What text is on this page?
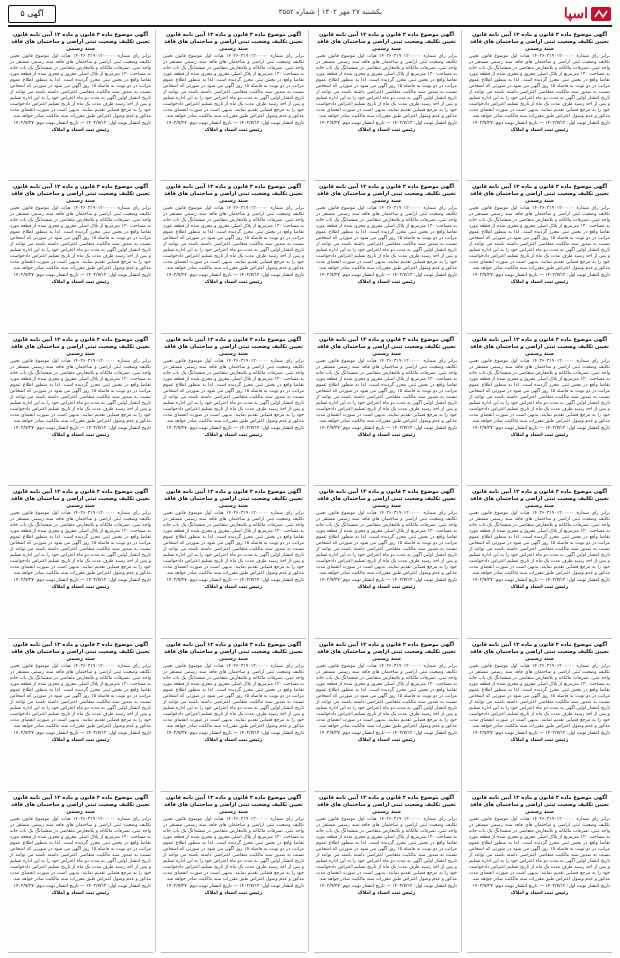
اسپا
یکشنبه ۲۷ مهر ۱۴۰۲ | شماره ۳۵۵۲
آگهی ۵
آگهی موضوع ماده ۳ قانون و ماده ۱۳ آیین نامه قانون تعیین تکلیف وضعیت ثبتی اراضی و ساختمان های فاقد سند رسمی
برابر رای شماره ۱۴۰۲۶۰۳۱۹۰۱۲۰۰۰۰۰ هیات اول موضوع قانون تعیین تکلیف وضعیت ثبتی اراضی و ساختمان های فاقد سند رسمی مستقر در واحد ثبتی، تصرفات مالکانه و بلامعارض متقاضی در ششدانگ یک باب خانه به مساحت ۱۲۰ مترمربع از پلاک اصلی مفروز و مجزی شده از قطعه مورد تقاضا واقع در بخش ثبتی محرز گردیده است. لذا به منظور اطلاع عموم مراتب در دو نوبت به فاصله ۱۵ روز آگهی می شود در صورتی که اشخاص نسبت به صدور سند مالکیت متقاضی اعتراضی داشته باشند می توانند از تاریخ انتشار اولین آگهی به مدت دو ماه اعتراض خود را به این اداره تسلیم و پس از اخذ رسید ظرف مدت یک ماه از تاریخ تسلیم اعتراض دادخواست خود را به مرجع قضایی تقدیم نمایند. بدیهی است در صورت انقضای مدت مذکور و عدم وصول اعتراض طبق مقررات سند مالکیت صادر خواهد شد.
تاریخ انتشار نوبت اول: ۱۴۰۲/۷/۱۲ — تاریخ انتشار نوبت دوم: ۱۴۰۲/۷/۲۷
رئیس ثبت اسناد و املاک
آگهی موضوع ماده ۳ قانون و ماده ۱۳ آیین نامه قانون تعیین تکلیف وضعیت ثبتی اراضی و ساختمان های فاقد سند رسمی
برابر رای شماره ۱۴۰۲۶۰۳۱۹۰۱۲۰۰۰۰۰ هیات اول موضوع قانون تعیین تکلیف وضعیت ثبتی اراضی و ساختمان های فاقد سند رسمی مستقر در واحد ثبتی، تصرفات مالکانه و بلامعارض متقاضی در ششدانگ یک باب خانه به مساحت ۱۲۰ مترمربع از پلاک اصلی مفروز و مجزی شده از قطعه مورد تقاضا واقع در بخش ثبتی محرز گردیده است. لذا به منظور اطلاع عموم مراتب در دو نوبت به فاصله ۱۵ روز آگهی می شود در صورتی که اشخاص نسبت به صدور سند مالکیت متقاضی اعتراضی داشته باشند می توانند از تاریخ انتشار اولین آگهی به مدت دو ماه اعتراض خود را به این اداره تسلیم و پس از اخذ رسید ظرف مدت یک ماه از تاریخ تسلیم اعتراض دادخواست خود را به مرجع قضایی تقدیم نمایند. بدیهی است در صورت انقضای مدت مذکور و عدم وصول اعتراض طبق مقررات سند مالکیت صادر خواهد شد.
تاریخ انتشار نوبت اول: ۱۴۰۲/۷/۱۲ — تاریخ انتشار نوبت دوم: ۱۴۰۲/۷/۲۷
رئیس ثبت اسناد و املاک
آگهی موضوع ماده ۳ قانون و ماده ۱۳ آیین نامه قانون تعیین تکلیف وضعیت ثبتی اراضی و ساختمان های فاقد سند رسمی
برابر رای شماره ۱۴۰۲۶۰۳۱۹۰۱۲۰۰۰۰۰ هیات اول موضوع قانون تعیین تکلیف وضعیت ثبتی اراضی و ساختمان های فاقد سند رسمی مستقر در واحد ثبتی، تصرفات مالکانه و بلامعارض متقاضی در ششدانگ یک باب خانه به مساحت ۱۲۰ مترمربع از پلاک اصلی مفروز و مجزی شده از قطعه مورد تقاضا واقع در بخش ثبتی محرز گردیده است. لذا به منظور اطلاع عموم مراتب در دو نوبت به فاصله ۱۵ روز آگهی می شود در صورتی که اشخاص نسبت به صدور سند مالکیت متقاضی اعتراضی داشته باشند می توانند از تاریخ انتشار اولین آگهی به مدت دو ماه اعتراض خود را به این اداره تسلیم و پس از اخذ رسید ظرف مدت یک ماه از تاریخ تسلیم اعتراض دادخواست خود را به مرجع قضایی تقدیم نمایند. بدیهی است در صورت انقضای مدت مذکور و عدم وصول اعتراض طبق مقررات سند مالکیت صادر خواهد شد.
تاریخ انتشار نوبت اول: ۱۴۰۲/۷/۱۲ — تاریخ انتشار نوبت دوم: ۱۴۰۲/۷/۲۷
رئیس ثبت اسناد و املاک
آگهی موضوع ماده ۳ قانون و ماده ۱۳ آیین نامه قانون تعیین تکلیف وضعیت ثبتی اراضی و ساختمان های فاقد سند رسمی
برابر رای شماره ۱۴۰۲۶۰۳۱۹۰۱۲۰۰۰۰۰ هیات اول موضوع قانون تعیین تکلیف وضعیت ثبتی اراضی و ساختمان های فاقد سند رسمی مستقر در واحد ثبتی، تصرفات مالکانه و بلامعارض متقاضی در ششدانگ یک باب خانه به مساحت ۱۲۰ مترمربع از پلاک اصلی مفروز و مجزی شده از قطعه مورد تقاضا واقع در بخش ثبتی محرز گردیده است. لذا به منظور اطلاع عموم مراتب در دو نوبت به فاصله ۱۵ روز آگهی می شود در صورتی که اشخاص نسبت به صدور سند مالکیت متقاضی اعتراضی داشته باشند می توانند از تاریخ انتشار اولین آگهی به مدت دو ماه اعتراض خود را به این اداره تسلیم و پس از اخذ رسید ظرف مدت یک ماه از تاریخ تسلیم اعتراض دادخواست خود را به مرجع قضایی تقدیم نمایند. بدیهی است در صورت انقضای مدت مذکور و عدم وصول اعتراض طبق مقررات سند مالکیت صادر خواهد شد.
تاریخ انتشار نوبت اول: ۱۴۰۲/۷/۱۲ — تاریخ انتشار نوبت دوم: ۱۴۰۲/۷/۲۷
رئیس ثبت اسناد و املاک
آگهی موضوع ماده ۳ قانون و ماده ۱۳ آیین نامه قانون تعیین تکلیف وضعیت ثبتی اراضی و ساختمان های فاقد سند رسمی
برابر رای شماره ۱۴۰۲۶۰۳۱۹۰۱۲۰۰۰۰۰ هیات اول موضوع قانون تعیین تکلیف وضعیت ثبتی اراضی و ساختمان های فاقد سند رسمی مستقر در واحد ثبتی، تصرفات مالکانه و بلامعارض متقاضی در ششدانگ یک باب خانه به مساحت ۱۲۰ مترمربع از پلاک اصلی مفروز و مجزی شده از قطعه مورد تقاضا واقع در بخش ثبتی محرز گردیده است. لذا به منظور اطلاع عموم مراتب در دو نوبت به فاصله ۱۵ روز آگهی می شود در صورتی که اشخاص نسبت به صدور سند مالکیت متقاضی اعتراضی داشته باشند می توانند از تاریخ انتشار اولین آگهی به مدت دو ماه اعتراض خود را به این اداره تسلیم و پس از اخذ رسید ظرف مدت یک ماه از تاریخ تسلیم اعتراض دادخواست خود را به مرجع قضایی تقدیم نمایند. بدیهی است در صورت انقضای مدت مذکور و عدم وصول اعتراض طبق مقررات سند مالکیت صادر خواهد شد.
تاریخ انتشار نوبت اول: ۱۴۰۲/۷/۱۲ — تاریخ انتشار نوبت دوم: ۱۴۰۲/۷/۲۷
رئیس ثبت اسناد و املاک
آگهی موضوع ماده ۳ قانون و ماده ۱۳ آیین نامه قانون تعیین تکلیف وضعیت ثبتی اراضی و ساختمان های فاقد سند رسمی
برابر رای شماره ۱۴۰۲۶۰۳۱۹۰۱۲۰۰۰۰۰ هیات اول موضوع قانون تعیین تکلیف وضعیت ثبتی اراضی و ساختمان های فاقد سند رسمی مستقر در واحد ثبتی، تصرفات مالکانه و بلامعارض متقاضی در ششدانگ یک باب خانه به مساحت ۱۲۰ مترمربع از پلاک اصلی مفروز و مجزی شده از قطعه مورد تقاضا واقع در بخش ثبتی محرز گردیده است. لذا به منظور اطلاع عموم مراتب در دو نوبت به فاصله ۱۵ روز آگهی می شود در صورتی که اشخاص نسبت به صدور سند مالکیت متقاضی اعتراضی داشته باشند می توانند از تاریخ انتشار اولین آگهی به مدت دو ماه اعتراض خود را به این اداره تسلیم و پس از اخذ رسید ظرف مدت یک ماه از تاریخ تسلیم اعتراض دادخواست خود را به مرجع قضایی تقدیم نمایند. بدیهی است در صورت انقضای مدت مذکور و عدم وصول اعتراض طبق مقررات سند مالکیت صادر خواهد شد.
تاریخ انتشار نوبت اول: ۱۴۰۲/۷/۱۲ — تاریخ انتشار نوبت دوم: ۱۴۰۲/۷/۲۷
رئیس ثبت اسناد و املاک
آگهی موضوع ماده ۳ قانون و ماده ۱۳ آیین نامه قانون تعیین تکلیف وضعیت ثبتی اراضی و ساختمان های فاقد سند رسمی
برابر رای شماره ۱۴۰۲۶۰۳۱۹۰۱۲۰۰۰۰۰ هیات اول موضوع قانون تعیین تکلیف وضعیت ثبتی اراضی و ساختمان های فاقد سند رسمی مستقر در واحد ثبتی، تصرفات مالکانه و بلامعارض متقاضی در ششدانگ یک باب خانه به مساحت ۱۲۰ مترمربع از پلاک اصلی مفروز و مجزی شده از قطعه مورد تقاضا واقع در بخش ثبتی محرز گردیده است. لذا به منظور اطلاع عموم مراتب در دو نوبت به فاصله ۱۵ روز آگهی می شود در صورتی که اشخاص نسبت به صدور سند مالکیت متقاضی اعتراضی داشته باشند می توانند از تاریخ انتشار اولین آگهی به مدت دو ماه اعتراض خود را به این اداره تسلیم و پس از اخذ رسید ظرف مدت یک ماه از تاریخ تسلیم اعتراض دادخواست خود را به مرجع قضایی تقدیم نمایند. بدیهی است در صورت انقضای مدت مذکور و عدم وصول اعتراض طبق مقررات سند مالکیت صادر خواهد شد.
تاریخ انتشار نوبت اول: ۱۴۰۲/۷/۱۲ — تاریخ انتشار نوبت دوم: ۱۴۰۲/۷/۲۷
رئیس ثبت اسناد و املاک
آگهی موضوع ماده ۳ قانون و ماده ۱۳ آیین نامه قانون تعیین تکلیف وضعیت ثبتی اراضی و ساختمان های فاقد سند رسمی
برابر رای شماره ۱۴۰۲۶۰۳۱۹۰۱۲۰۰۰۰۰ هیات اول موضوع قانون تعیین تکلیف وضعیت ثبتی اراضی و ساختمان های فاقد سند رسمی مستقر در واحد ثبتی، تصرفات مالکانه و بلامعارض متقاضی در ششدانگ یک باب خانه به مساحت ۱۲۰ مترمربع از پلاک اصلی مفروز و مجزی شده از قطعه مورد تقاضا واقع در بخش ثبتی محرز گردیده است. لذا به منظور اطلاع عموم مراتب در دو نوبت به فاصله ۱۵ روز آگهی می شود در صورتی که اشخاص نسبت به صدور سند مالکیت متقاضی اعتراضی داشته باشند می توانند از تاریخ انتشار اولین آگهی به مدت دو ماه اعتراض خود را به این اداره تسلیم و پس از اخذ رسید ظرف مدت یک ماه از تاریخ تسلیم اعتراض دادخواست خود را به مرجع قضایی تقدیم نمایند. بدیهی است در صورت انقضای مدت مذکور و عدم وصول اعتراض طبق مقررات سند مالکیت صادر خواهد شد.
تاریخ انتشار نوبت اول: ۱۴۰۲/۷/۱۲ — تاریخ انتشار نوبت دوم: ۱۴۰۲/۷/۲۷
رئیس ثبت اسناد و املاک
آگهی موضوع ماده ۳ قانون و ماده ۱۳ آیین نامه قانون تعیین تکلیف وضعیت ثبتی اراضی و ساختمان های فاقد سند رسمی
برابر رای شماره ۱۴۰۲۶۰۳۱۹۰۱۲۰۰۰۰۰ هیات اول موضوع قانون تعیین تکلیف وضعیت ثبتی اراضی و ساختمان های فاقد سند رسمی مستقر در واحد ثبتی، تصرفات مالکانه و بلامعارض متقاضی در ششدانگ یک باب خانه به مساحت ۱۲۰ مترمربع از پلاک اصلی مفروز و مجزی شده از قطعه مورد تقاضا واقع در بخش ثبتی محرز گردیده است. لذا به منظور اطلاع عموم مراتب در دو نوبت به فاصله ۱۵ روز آگهی می شود در صورتی که اشخاص نسبت به صدور سند مالکیت متقاضی اعتراضی داشته باشند می توانند از تاریخ انتشار اولین آگهی به مدت دو ماه اعتراض خود را به این اداره تسلیم و پس از اخذ رسید ظرف مدت یک ماه از تاریخ تسلیم اعتراض دادخواست خود را به مرجع قضایی تقدیم نمایند. بدیهی است در صورت انقضای مدت مذکور و عدم وصول اعتراض طبق مقررات سند مالکیت صادر خواهد شد.
تاریخ انتشار نوبت اول: ۱۴۰۲/۷/۱۲ — تاریخ انتشار نوبت دوم: ۱۴۰۲/۷/۲۷
رئیس ثبت اسناد و املاک
آگهی موضوع ماده ۳ قانون و ماده ۱۳ آیین نامه قانون تعیین تکلیف وضعیت ثبتی اراضی و ساختمان های فاقد سند رسمی
برابر رای شماره ۱۴۰۲۶۰۳۱۹۰۱۲۰۰۰۰۰ هیات اول موضوع قانون تعیین تکلیف وضعیت ثبتی اراضی و ساختمان های فاقد سند رسمی مستقر در واحد ثبتی، تصرفات مالکانه و بلامعارض متقاضی در ششدانگ یک باب خانه به مساحت ۱۲۰ مترمربع از پلاک اصلی مفروز و مجزی شده از قطعه مورد تقاضا واقع در بخش ثبتی محرز گردیده است. لذا به منظور اطلاع عموم مراتب در دو نوبت به فاصله ۱۵ روز آگهی می شود در صورتی که اشخاص نسبت به صدور سند مالکیت متقاضی اعتراضی داشته باشند می توانند از تاریخ انتشار اولین آگهی به مدت دو ماه اعتراض خود را به این اداره تسلیم و پس از اخذ رسید ظرف مدت یک ماه از تاریخ تسلیم اعتراض دادخواست خود را به مرجع قضایی تقدیم نمایند. بدیهی است در صورت انقضای مدت مذکور و عدم وصول اعتراض طبق مقررات سند مالکیت صادر خواهد شد.
تاریخ انتشار نوبت اول: ۱۴۰۲/۷/۱۲ — تاریخ انتشار نوبت دوم: ۱۴۰۲/۷/۲۷
رئیس ثبت اسناد و املاک
آگهی موضوع ماده ۳ قانون و ماده ۱۳ آیین نامه قانون تعیین تکلیف وضعیت ثبتی اراضی و ساختمان های فاقد سند رسمی
برابر رای شماره ۱۴۰۲۶۰۳۱۹۰۱۲۰۰۰۰۰ هیات اول موضوع قانون تعیین تکلیف وضعیت ثبتی اراضی و ساختمان های فاقد سند رسمی مستقر در واحد ثبتی، تصرفات مالکانه و بلامعارض متقاضی در ششدانگ یک باب خانه به مساحت ۱۲۰ مترمربع از پلاک اصلی مفروز و مجزی شده از قطعه مورد تقاضا واقع در بخش ثبتی محرز گردیده است. لذا به منظور اطلاع عموم مراتب در دو نوبت به فاصله ۱۵ روز آگهی می شود در صورتی که اشخاص نسبت به صدور سند مالکیت متقاضی اعتراضی داشته باشند می توانند از تاریخ انتشار اولین آگهی به مدت دو ماه اعتراض خود را به این اداره تسلیم و پس از اخذ رسید ظرف مدت یک ماه از تاریخ تسلیم اعتراض دادخواست خود را به مرجع قضایی تقدیم نمایند. بدیهی است در صورت انقضای مدت مذکور و عدم وصول اعتراض طبق مقررات سند مالکیت صادر خواهد شد.
تاریخ انتشار نوبت اول: ۱۴۰۲/۷/۱۲ — تاریخ انتشار نوبت دوم: ۱۴۰۲/۷/۲۷
رئیس ثبت اسناد و املاک
آگهی موضوع ماده ۳ قانون و ماده ۱۳ آیین نامه قانون تعیین تکلیف وضعیت ثبتی اراضی و ساختمان های فاقد سند رسمی
برابر رای شماره ۱۴۰۲۶۰۳۱۹۰۱۲۰۰۰۰۰ هیات اول موضوع قانون تعیین تکلیف وضعیت ثبتی اراضی و ساختمان های فاقد سند رسمی مستقر در واحد ثبتی، تصرفات مالکانه و بلامعارض متقاضی در ششدانگ یک باب خانه به مساحت ۱۲۰ مترمربع از پلاک اصلی مفروز و مجزی شده از قطعه مورد تقاضا واقع در بخش ثبتی محرز گردیده است. لذا به منظور اطلاع عموم مراتب در دو نوبت به فاصله ۱۵ روز آگهی می شود در صورتی که اشخاص نسبت به صدور سند مالکیت متقاضی اعتراضی داشته باشند می توانند از تاریخ انتشار اولین آگهی به مدت دو ماه اعتراض خود را به این اداره تسلیم و پس از اخذ رسید ظرف مدت یک ماه از تاریخ تسلیم اعتراض دادخواست خود را به مرجع قضایی تقدیم نمایند. بدیهی است در صورت انقضای مدت مذکور و عدم وصول اعتراض طبق مقررات سند مالکیت صادر خواهد شد.
تاریخ انتشار نوبت اول: ۱۴۰۲/۷/۱۲ — تاریخ انتشار نوبت دوم: ۱۴۰۲/۷/۲۷
رئیس ثبت اسناد و املاک
آگهی موضوع ماده ۳ قانون و ماده ۱۳ آیین نامه قانون تعیین تکلیف وضعیت ثبتی اراضی و ساختمان های فاقد سند رسمی
برابر رای شماره ۱۴۰۲۶۰۳۱۹۰۱۲۰۰۰۰۰ هیات اول موضوع قانون تعیین تکلیف وضعیت ثبتی اراضی و ساختمان های فاقد سند رسمی مستقر در واحد ثبتی، تصرفات مالکانه و بلامعارض متقاضی در ششدانگ یک باب خانه به مساحت ۱۲۰ مترمربع از پلاک اصلی مفروز و مجزی شده از قطعه مورد تقاضا واقع در بخش ثبتی محرز گردیده است. لذا به منظور اطلاع عموم مراتب در دو نوبت به فاصله ۱۵ روز آگهی می شود در صورتی که اشخاص نسبت به صدور سند مالکیت متقاضی اعتراضی داشته باشند می توانند از تاریخ انتشار اولین آگهی به مدت دو ماه اعتراض خود را به این اداره تسلیم و پس از اخذ رسید ظرف مدت یک ماه از تاریخ تسلیم اعتراض دادخواست خود را به مرجع قضایی تقدیم نمایند. بدیهی است در صورت انقضای مدت مذکور و عدم وصول اعتراض طبق مقررات سند مالکیت صادر خواهد شد.
تاریخ انتشار نوبت اول: ۱۴۰۲/۷/۱۲ — تاریخ انتشار نوبت دوم: ۱۴۰۲/۷/۲۷
رئیس ثبت اسناد و املاک
آگهی موضوع ماده ۳ قانون و ماده ۱۳ آیین نامه قانون تعیین تکلیف وضعیت ثبتی اراضی و ساختمان های فاقد سند رسمی
برابر رای شماره ۱۴۰۲۶۰۳۱۹۰۱۲۰۰۰۰۰ هیات اول موضوع قانون تعیین تکلیف وضعیت ثبتی اراضی و ساختمان های فاقد سند رسمی مستقر در واحد ثبتی، تصرفات مالکانه و بلامعارض متقاضی در ششدانگ یک باب خانه به مساحت ۱۲۰ مترمربع از پلاک اصلی مفروز و مجزی شده از قطعه مورد تقاضا واقع در بخش ثبتی محرز گردیده است. لذا به منظور اطلاع عموم مراتب در دو نوبت به فاصله ۱۵ روز آگهی می شود در صورتی که اشخاص نسبت به صدور سند مالکیت متقاضی اعتراضی داشته باشند می توانند از تاریخ انتشار اولین آگهی به مدت دو ماه اعتراض خود را به این اداره تسلیم و پس از اخذ رسید ظرف مدت یک ماه از تاریخ تسلیم اعتراض دادخواست خود را به مرجع قضایی تقدیم نمایند. بدیهی است در صورت انقضای مدت مذکور و عدم وصول اعتراض طبق مقررات سند مالکیت صادر خواهد شد.
تاریخ انتشار نوبت اول: ۱۴۰۲/۷/۱۲ — تاریخ انتشار نوبت دوم: ۱۴۰۲/۷/۲۷
رئیس ثبت اسناد و املاک
آگهی موضوع ماده ۳ قانون و ماده ۱۳ آیین نامه قانون تعیین تکلیف وضعیت ثبتی اراضی و ساختمان های فاقد سند رسمی
برابر رای شماره ۱۴۰۲۶۰۳۱۹۰۱۲۰۰۰۰۰ هیات اول موضوع قانون تعیین تکلیف وضعیت ثبتی اراضی و ساختمان های فاقد سند رسمی مستقر در واحد ثبتی، تصرفات مالکانه و بلامعارض متقاضی در ششدانگ یک باب خانه به مساحت ۱۲۰ مترمربع از پلاک اصلی مفروز و مجزی شده از قطعه مورد تقاضا واقع در بخش ثبتی محرز گردیده است. لذا به منظور اطلاع عموم مراتب در دو نوبت به فاصله ۱۵ روز آگهی می شود در صورتی که اشخاص نسبت به صدور سند مالکیت متقاضی اعتراضی داشته باشند می توانند از تاریخ انتشار اولین آگهی به مدت دو ماه اعتراض خود را به این اداره تسلیم و پس از اخذ رسید ظرف مدت یک ماه از تاریخ تسلیم اعتراض دادخواست خود را به مرجع قضایی تقدیم نمایند. بدیهی است در صورت انقضای مدت مذکور و عدم وصول اعتراض طبق مقررات سند مالکیت صادر خواهد شد.
تاریخ انتشار نوبت اول: ۱۴۰۲/۷/۱۲ — تاریخ انتشار نوبت دوم: ۱۴۰۲/۷/۲۷
رئیس ثبت اسناد و املاک
آگهی موضوع ماده ۳ قانون و ماده ۱۳ آیین نامه قانون تعیین تکلیف وضعیت ثبتی اراضی و ساختمان های فاقد سند رسمی
برابر رای شماره ۱۴۰۲۶۰۳۱۹۰۱۲۰۰۰۰۰ هیات اول موضوع قانون تعیین تکلیف وضعیت ثبتی اراضی و ساختمان های فاقد سند رسمی مستقر در واحد ثبتی، تصرفات مالکانه و بلامعارض متقاضی در ششدانگ یک باب خانه به مساحت ۱۲۰ مترمربع از پلاک اصلی مفروز و مجزی شده از قطعه مورد تقاضا واقع در بخش ثبتی محرز گردیده است. لذا به منظور اطلاع عموم مراتب در دو نوبت به فاصله ۱۵ روز آگهی می شود در صورتی که اشخاص نسبت به صدور سند مالکیت متقاضی اعتراضی داشته باشند می توانند از تاریخ انتشار اولین آگهی به مدت دو ماه اعتراض خود را به این اداره تسلیم و پس از اخذ رسید ظرف مدت یک ماه از تاریخ تسلیم اعتراض دادخواست خود را به مرجع قضایی تقدیم نمایند. بدیهی است در صورت انقضای مدت مذکور و عدم وصول اعتراض طبق مقررات سند مالکیت صادر خواهد شد.
تاریخ انتشار نوبت اول: ۱۴۰۲/۷/۱۲ — تاریخ انتشار نوبت دوم: ۱۴۰۲/۷/۲۷
رئیس ثبت اسناد و املاک
آگهی موضوع ماده ۳ قانون و ماده ۱۳ آیین نامه قانون تعیین تکلیف وضعیت ثبتی اراضی و ساختمان های فاقد سند رسمی
برابر رای شماره ۱۴۰۲۶۰۳۱۹۰۱۲۰۰۰۰۰ هیات اول موضوع قانون تعیین تکلیف وضعیت ثبتی اراضی و ساختمان های فاقد سند رسمی مستقر در واحد ثبتی، تصرفات مالکانه و بلامعارض متقاضی در ششدانگ یک باب خانه به مساحت ۱۲۰ مترمربع از پلاک اصلی مفروز و مجزی شده از قطعه مورد تقاضا واقع در بخش ثبتی محرز گردیده است. لذا به منظور اطلاع عموم مراتب در دو نوبت به فاصله ۱۵ روز آگهی می شود در صورتی که اشخاص نسبت به صدور سند مالکیت متقاضی اعتراضی داشته باشند می توانند از تاریخ انتشار اولین آگهی به مدت دو ماه اعتراض خود را به این اداره تسلیم و پس از اخذ رسید ظرف مدت یک ماه از تاریخ تسلیم اعتراض دادخواست خود را به مرجع قضایی تقدیم نمایند. بدیهی است در صورت انقضای مدت مذکور و عدم وصول اعتراض طبق مقررات سند مالکیت صادر خواهد شد.
تاریخ انتشار نوبت اول: ۱۴۰۲/۷/۱۲ — تاریخ انتشار نوبت دوم: ۱۴۰۲/۷/۲۷
رئیس ثبت اسناد و املاک
آگهی موضوع ماده ۳ قانون و ماده ۱۳ آیین نامه قانون تعیین تکلیف وضعیت ثبتی اراضی و ساختمان های فاقد سند رسمی
برابر رای شماره ۱۴۰۲۶۰۳۱۹۰۱۲۰۰۰۰۰ هیات اول موضوع قانون تعیین تکلیف وضعیت ثبتی اراضی و ساختمان های فاقد سند رسمی مستقر در واحد ثبتی، تصرفات مالکانه و بلامعارض متقاضی در ششدانگ یک باب خانه به مساحت ۱۲۰ مترمربع از پلاک اصلی مفروز و مجزی شده از قطعه مورد تقاضا واقع در بخش ثبتی محرز گردیده است. لذا به منظور اطلاع عموم مراتب در دو نوبت به فاصله ۱۵ روز آگهی می شود در صورتی که اشخاص نسبت به صدور سند مالکیت متقاضی اعتراضی داشته باشند می توانند از تاریخ انتشار اولین آگهی به مدت دو ماه اعتراض خود را به این اداره تسلیم و پس از اخذ رسید ظرف مدت یک ماه از تاریخ تسلیم اعتراض دادخواست خود را به مرجع قضایی تقدیم نمایند. بدیهی است در صورت انقضای مدت مذکور و عدم وصول اعتراض طبق مقررات سند مالکیت صادر خواهد شد.
تاریخ انتشار نوبت اول: ۱۴۰۲/۷/۱۲ — تاریخ انتشار نوبت دوم: ۱۴۰۲/۷/۲۷
رئیس ثبت اسناد و املاک
آگهی موضوع ماده ۳ قانون و ماده ۱۳ آیین نامه قانون تعیین تکلیف وضعیت ثبتی اراضی و ساختمان های فاقد سند رسمی
برابر رای شماره ۱۴۰۲۶۰۳۱۹۰۱۲۰۰۰۰۰ هیات اول موضوع قانون تعیین تکلیف وضعیت ثبتی اراضی و ساختمان های فاقد سند رسمی مستقر در واحد ثبتی، تصرفات مالکانه و بلامعارض متقاضی در ششدانگ یک باب خانه به مساحت ۱۲۰ مترمربع از پلاک اصلی مفروز و مجزی شده از قطعه مورد تقاضا واقع در بخش ثبتی محرز گردیده است. لذا به منظور اطلاع عموم مراتب در دو نوبت به فاصله ۱۵ روز آگهی می شود در صورتی که اشخاص نسبت به صدور سند مالکیت متقاضی اعتراضی داشته باشند می توانند از تاریخ انتشار اولین آگهی به مدت دو ماه اعتراض خود را به این اداره تسلیم و پس از اخذ رسید ظرف مدت یک ماه از تاریخ تسلیم اعتراض دادخواست خود را به مرجع قضایی تقدیم نمایند. بدیهی است در صورت انقضای مدت مذکور و عدم وصول اعتراض طبق مقررات سند مالکیت صادر خواهد شد.
تاریخ انتشار نوبت اول: ۱۴۰۲/۷/۱۲ — تاریخ انتشار نوبت دوم: ۱۴۰۲/۷/۲۷
رئیس ثبت اسناد و املاک
آگهی موضوع ماده ۳ قانون و ماده ۱۳ آیین نامه قانون تعیین تکلیف وضعیت ثبتی اراضی و ساختمان های فاقد سند رسمی
برابر رای شماره ۱۴۰۲۶۰۳۱۹۰۱۲۰۰۰۰۰ هیات اول موضوع قانون تعیین تکلیف وضعیت ثبتی اراضی و ساختمان های فاقد سند رسمی مستقر در واحد ثبتی، تصرفات مالکانه و بلامعارض متقاضی در ششدانگ یک باب خانه به مساحت ۱۲۰ مترمربع از پلاک اصلی مفروز و مجزی شده از قطعه مورد تقاضا واقع در بخش ثبتی محرز گردیده است. لذا به منظور اطلاع عموم مراتب در دو نوبت به فاصله ۱۵ روز آگهی می شود در صورتی که اشخاص نسبت به صدور سند مالکیت متقاضی اعتراضی داشته باشند می توانند از تاریخ انتشار اولین آگهی به مدت دو ماه اعتراض خود را به این اداره تسلیم و پس از اخذ رسید ظرف مدت یک ماه از تاریخ تسلیم اعتراض دادخواست خود را به مرجع قضایی تقدیم نمایند. بدیهی است در صورت انقضای مدت مذکور و عدم وصول اعتراض طبق مقررات سند مالکیت صادر خواهد شد.
تاریخ انتشار نوبت اول: ۱۴۰۲/۷/۱۲ — تاریخ انتشار نوبت دوم: ۱۴۰۲/۷/۲۷
رئیس ثبت اسناد و املاک
آگهی موضوع ماده ۳ قانون و ماده ۱۳ آیین نامه قانون تعیین تکلیف وضعیت ثبتی اراضی و ساختمان های فاقد سند رسمی
برابر رای شماره ۱۴۰۲۶۰۳۱۹۰۱۲۰۰۰۰۰ هیات اول موضوع قانون تعیین تکلیف وضعیت ثبتی اراضی و ساختمان های فاقد سند رسمی مستقر در واحد ثبتی، تصرفات مالکانه و بلامعارض متقاضی در ششدانگ یک باب خانه به مساحت ۱۲۰ مترمربع از پلاک اصلی مفروز و مجزی شده از قطعه مورد تقاضا واقع در بخش ثبتی محرز گردیده است. لذا به منظور اطلاع عموم مراتب در دو نوبت به فاصله ۱۵ روز آگهی می شود در صورتی که اشخاص نسبت به صدور سند مالکیت متقاضی اعتراضی داشته باشند می توانند از تاریخ انتشار اولین آگهی به مدت دو ماه اعتراض خود را به این اداره تسلیم و پس از اخذ رسید ظرف مدت یک ماه از تاریخ تسلیم اعتراض دادخواست خود را به مرجع قضایی تقدیم نمایند. بدیهی است در صورت انقضای مدت مذکور و عدم وصول اعتراض طبق مقررات سند مالکیت صادر خواهد شد.
تاریخ انتشار نوبت اول: ۱۴۰۲/۷/۱۲ — تاریخ انتشار نوبت دوم: ۱۴۰۲/۷/۲۷
رئیس ثبت اسناد و املاک
آگهی موضوع ماده ۳ قانون و ماده ۱۳ آیین نامه قانون تعیین تکلیف وضعیت ثبتی اراضی و ساختمان های فاقد سند رسمی
برابر رای شماره ۱۴۰۲۶۰۳۱۹۰۱۲۰۰۰۰۰ هیات اول موضوع قانون تعیین تکلیف وضعیت ثبتی اراضی و ساختمان های فاقد سند رسمی مستقر در واحد ثبتی، تصرفات مالکانه و بلامعارض متقاضی در ششدانگ یک باب خانه به مساحت ۱۲۰ مترمربع از پلاک اصلی مفروز و مجزی شده از قطعه مورد تقاضا واقع در بخش ثبتی محرز گردیده است. لذا به منظور اطلاع عموم مراتب در دو نوبت به فاصله ۱۵ روز آگهی می شود در صورتی که اشخاص نسبت به صدور سند مالکیت متقاضی اعتراضی داشته باشند می توانند از تاریخ انتشار اولین آگهی به مدت دو ماه اعتراض خود را به این اداره تسلیم و پس از اخذ رسید ظرف مدت یک ماه از تاریخ تسلیم اعتراض دادخواست خود را به مرجع قضایی تقدیم نمایند. بدیهی است در صورت انقضای مدت مذکور و عدم وصول اعتراض طبق مقررات سند مالکیت صادر خواهد شد.
تاریخ انتشار نوبت اول: ۱۴۰۲/۷/۱۲ — تاریخ انتشار نوبت دوم: ۱۴۰۲/۷/۲۷
رئیس ثبت اسناد و املاک
آگهی موضوع ماده ۳ قانون و ماده ۱۳ آیین نامه قانون تعیین تکلیف وضعیت ثبتی اراضی و ساختمان های فاقد سند رسمی
برابر رای شماره ۱۴۰۲۶۰۳۱۹۰۱۲۰۰۰۰۰ هیات اول موضوع قانون تعیین تکلیف وضعیت ثبتی اراضی و ساختمان های فاقد سند رسمی مستقر در واحد ثبتی، تصرفات مالکانه و بلامعارض متقاضی در ششدانگ یک باب خانه به مساحت ۱۲۰ مترمربع از پلاک اصلی مفروز و مجزی شده از قطعه مورد تقاضا واقع در بخش ثبتی محرز گردیده است. لذا به منظور اطلاع عموم مراتب در دو نوبت به فاصله ۱۵ روز آگهی می شود در صورتی که اشخاص نسبت به صدور سند مالکیت متقاضی اعتراضی داشته باشند می توانند از تاریخ انتشار اولین آگهی به مدت دو ماه اعتراض خود را به این اداره تسلیم و پس از اخذ رسید ظرف مدت یک ماه از تاریخ تسلیم اعتراض دادخواست خود را به مرجع قضایی تقدیم نمایند. بدیهی است در صورت انقضای مدت مذکور و عدم وصول اعتراض طبق مقررات سند مالکیت صادر خواهد شد.
تاریخ انتشار نوبت اول: ۱۴۰۲/۷/۱۲ — تاریخ انتشار نوبت دوم: ۱۴۰۲/۷/۲۷
رئیس ثبت اسناد و املاک
آگهی موضوع ماده ۳ قانون و ماده ۱۳ آیین نامه قانون تعیین تکلیف وضعیت ثبتی اراضی و ساختمان های فاقد سند رسمی
برابر رای شماره ۱۴۰۲۶۰۳۱۹۰۱۲۰۰۰۰۰ هیات اول موضوع قانون تعیین تکلیف وضعیت ثبتی اراضی و ساختمان های فاقد سند رسمی مستقر در واحد ثبتی، تصرفات مالکانه و بلامعارض متقاضی در ششدانگ یک باب خانه به مساحت ۱۲۰ مترمربع از پلاک اصلی مفروز و مجزی شده از قطعه مورد تقاضا واقع در بخش ثبتی محرز گردیده است. لذا به منظور اطلاع عموم مراتب در دو نوبت به فاصله ۱۵ روز آگهی می شود در صورتی که اشخاص نسبت به صدور سند مالکیت متقاضی اعتراضی داشته باشند می توانند از تاریخ انتشار اولین آگهی به مدت دو ماه اعتراض خود را به این اداره تسلیم و پس از اخذ رسید ظرف مدت یک ماه از تاریخ تسلیم اعتراض دادخواست خود را به مرجع قضایی تقدیم نمایند. بدیهی است در صورت انقضای مدت مذکور و عدم وصول اعتراض طبق مقررات سند مالکیت صادر خواهد شد.
تاریخ انتشار نوبت اول: ۱۴۰۲/۷/۱۲ — تاریخ انتشار نوبت دوم: ۱۴۰۲/۷/۲۷
رئیس ثبت اسناد و املاک
